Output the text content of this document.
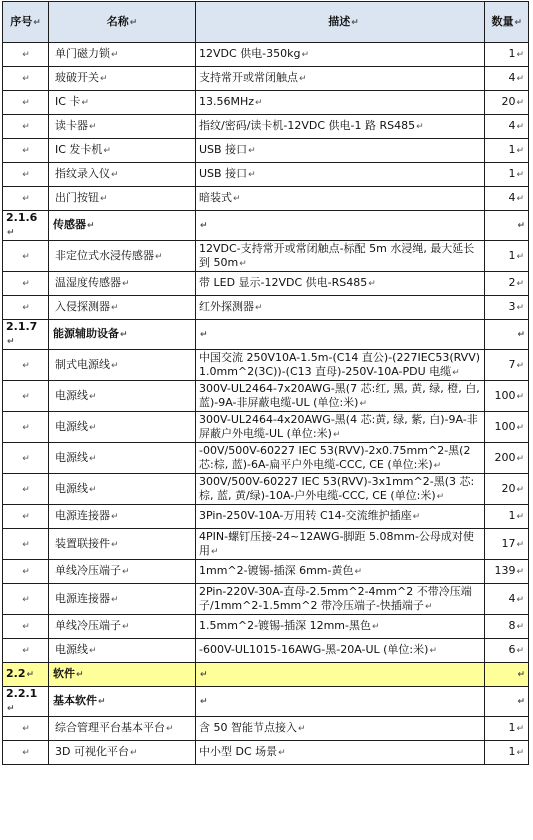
序号↵	名称↵	描述↵	数量↵
↵	单门磁力锁↵	12VDC 供电-350kg↵	1↵
↵	玻破开关↵	支持常开或常闭触点↵	4↵
↵	IC 卡↵	13.56MHz↵	20↵
↵	读卡器↵	指纹/密码/读卡机-12VDC 供电-1 路 RS485↵	4↵
↵	IC 发卡机↵	USB 接口↵	1↵
↵	指纹录入仪↵	USB 接口↵	1↵
↵	出门按钮↵	暗装式↵	4↵
2.1.6↵	传感器↵	↵	↵
↵	非定位式水浸传感器↵	12VDC-支持常开或常闭触点-标配 5m 水浸绳, 最大延长到 50m↵	1↵
↵	温湿度传感器↵	带 LED 显示-12VDC 供电-RS485↵	2↵
↵	入侵探测器↵	红外探测器↵	3↵
2.1.7↵	能源辅助设备↵	↵	↵
↵	制式电源线↵	中国交流 250V10A-1.5m-(C14 直公)-(227IEC53(RVV)1.0mm^2(3C))-(C13 直母)-250V-10A-PDU 电缆↵	7↵
↵	电源线↵	300V-UL2464-7x20AWG-黑(7 芯:红, 黑, 黄, 绿, 橙, 白, 蓝)-9A-非屏蔽电缆-UL (单位:米)↵	100↵
↵	电源线↵	300V-UL2464-4x20AWG-黑(4 芯:黄, 绿, 紫, 白)-9A-非屏蔽户外电缆-UL (单位:米)↵	100↵
↵	电源线↵	-00V/500V-60227 IEC 53(RVV)-2x0.75mm^2-黑(2 芯:棕, 蓝)-6A-扁平户外电缆-CCC, CE (单位:米)↵	200↵
↵	电源线↵	300V/500V-60227 IEC 53(RVV)-3x1mm^2-黑(3 芯:棕, 蓝, 黄/绿)-10A-户外电缆-CCC, CE (单位:米)↵	20↵
↵	电源连接器↵	3Pin-250V-10A-万用转 C14-交流维护插座↵	1↵
↵	装置联接件↵	4PIN-螺钉压接-24~12AWG-脚距 5.08mm-公母成对使用↵	17↵
↵	单线冷压端子↵	1mm^2-镀锡-插深 6mm-黄色↵	139↵
↵	电源连接器↵	2Pin-220V-30A-直母-2.5mm^2-4mm^2 不带冷压端子/1mm^2-1.5mm^2 带冷压端子-快插端子↵	4↵
↵	单线冷压端子↵	1.5mm^2-镀锡-插深 12mm-黑色↵	8↵
↵	电源线↵	-600V-UL1015-16AWG-黑-20A-UL (单位:米)↵	6↵
2.2↵	软件↵	↵	↵
2.2.1↵	基本软件↵	↵	↵
↵	综合管理平台基本平台↵	含 50 智能节点接入↵	1↵
↵	3D 可视化平台↵	中小型 DC 场景↵	1↵
